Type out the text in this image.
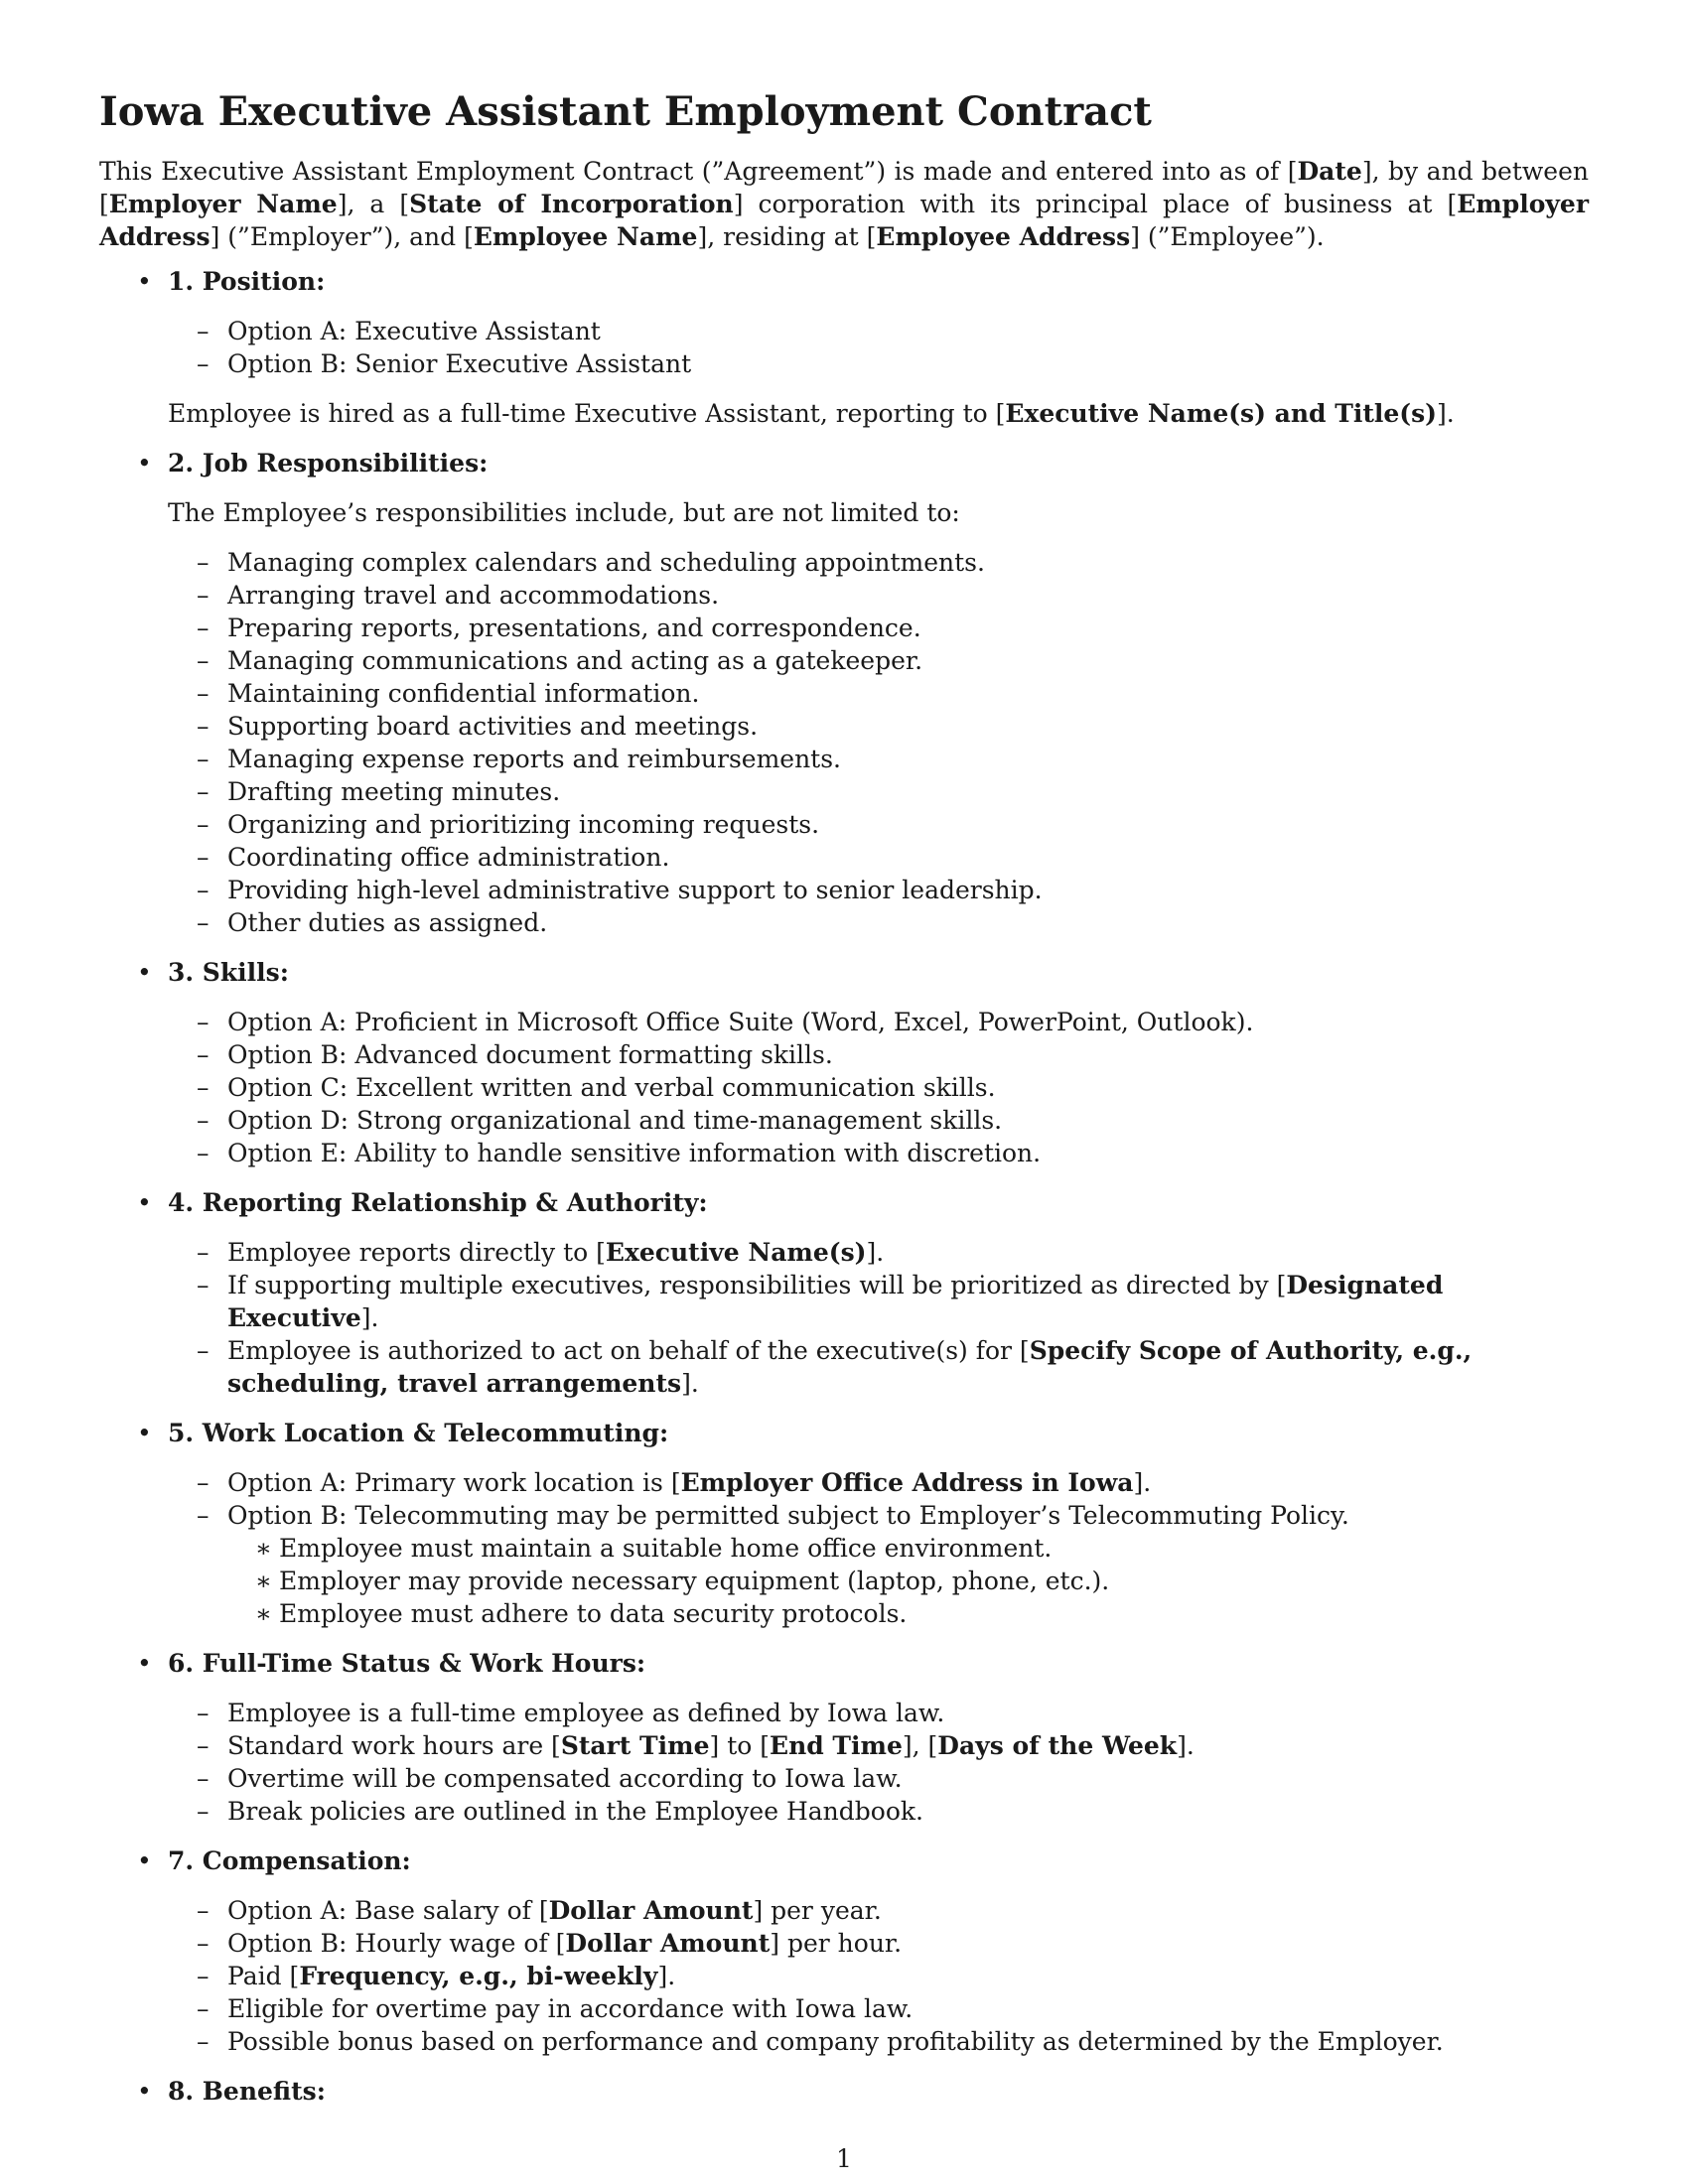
Iowa Executive Assistant Employment Contract

This Executive Assistant Employment Contract (”Agreement”) is made and entered into as of [Date], by and between [Employer Name], a [State of Incorporation] corporation with its principal place of business at [Employer Address] (”Employer”), and [Employee Name], residing at [Employee Address] (”Employee”).

• 1. Position:
– Option A: Executive Assistant
– Option B: Senior Executive Assistant
Employee is hired as a full-time Executive Assistant, reporting to [Executive Name(s) and Title(s)].
• 2. Job Responsibilities:
The Employee’s responsibilities include, but are not limited to:
– Managing complex calendars and scheduling appointments.
– Arranging travel and accommodations.
– Preparing reports, presentations, and correspondence.
– Managing communications and acting as a gatekeeper.
– Maintaining confidential information.
– Supporting board activities and meetings.
– Managing expense reports and reimbursements.
– Drafting meeting minutes.
– Organizing and prioritizing incoming requests.
– Coordinating office administration.
– Providing high-level administrative support to senior leadership.
– Other duties as assigned.
• 3. Skills:
– Option A: Proficient in Microsoft Office Suite (Word, Excel, PowerPoint, Outlook).
– Option B: Advanced document formatting skills.
– Option C: Excellent written and verbal communication skills.
– Option D: Strong organizational and time-management skills.
– Option E: Ability to handle sensitive information with discretion.
• 4. Reporting Relationship & Authority:
– Employee reports directly to [Executive Name(s)].
– If supporting multiple executives, responsibilities will be prioritized as directed by [Designated Executive].
– Employee is authorized to act on behalf of the executive(s) for [Specify Scope of Authority, e.g., scheduling, travel arrangements].
• 5. Work Location & Telecommuting:
– Option A: Primary work location is [Employer Office Address in Iowa].
– Option B: Telecommuting may be permitted subject to Employer’s Telecommuting Policy.
∗ Employee must maintain a suitable home office environment.
∗ Employer may provide necessary equipment (laptop, phone, etc.).
∗ Employee must adhere to data security protocols.
• 6. Full-Time Status & Work Hours:
– Employee is a full-time employee as defined by Iowa law.
– Standard work hours are [Start Time] to [End Time], [Days of the Week].
– Overtime will be compensated according to Iowa law.
– Break policies are outlined in the Employee Handbook.
• 7. Compensation:
– Option A: Base salary of [Dollar Amount] per year.
– Option B: Hourly wage of [Dollar Amount] per hour.
– Paid [Frequency, e.g., bi-weekly].
– Eligible for overtime pay in accordance with Iowa law.
– Possible bonus based on performance and company profitability as determined by the Employer.
• 8. Benefits:
1
